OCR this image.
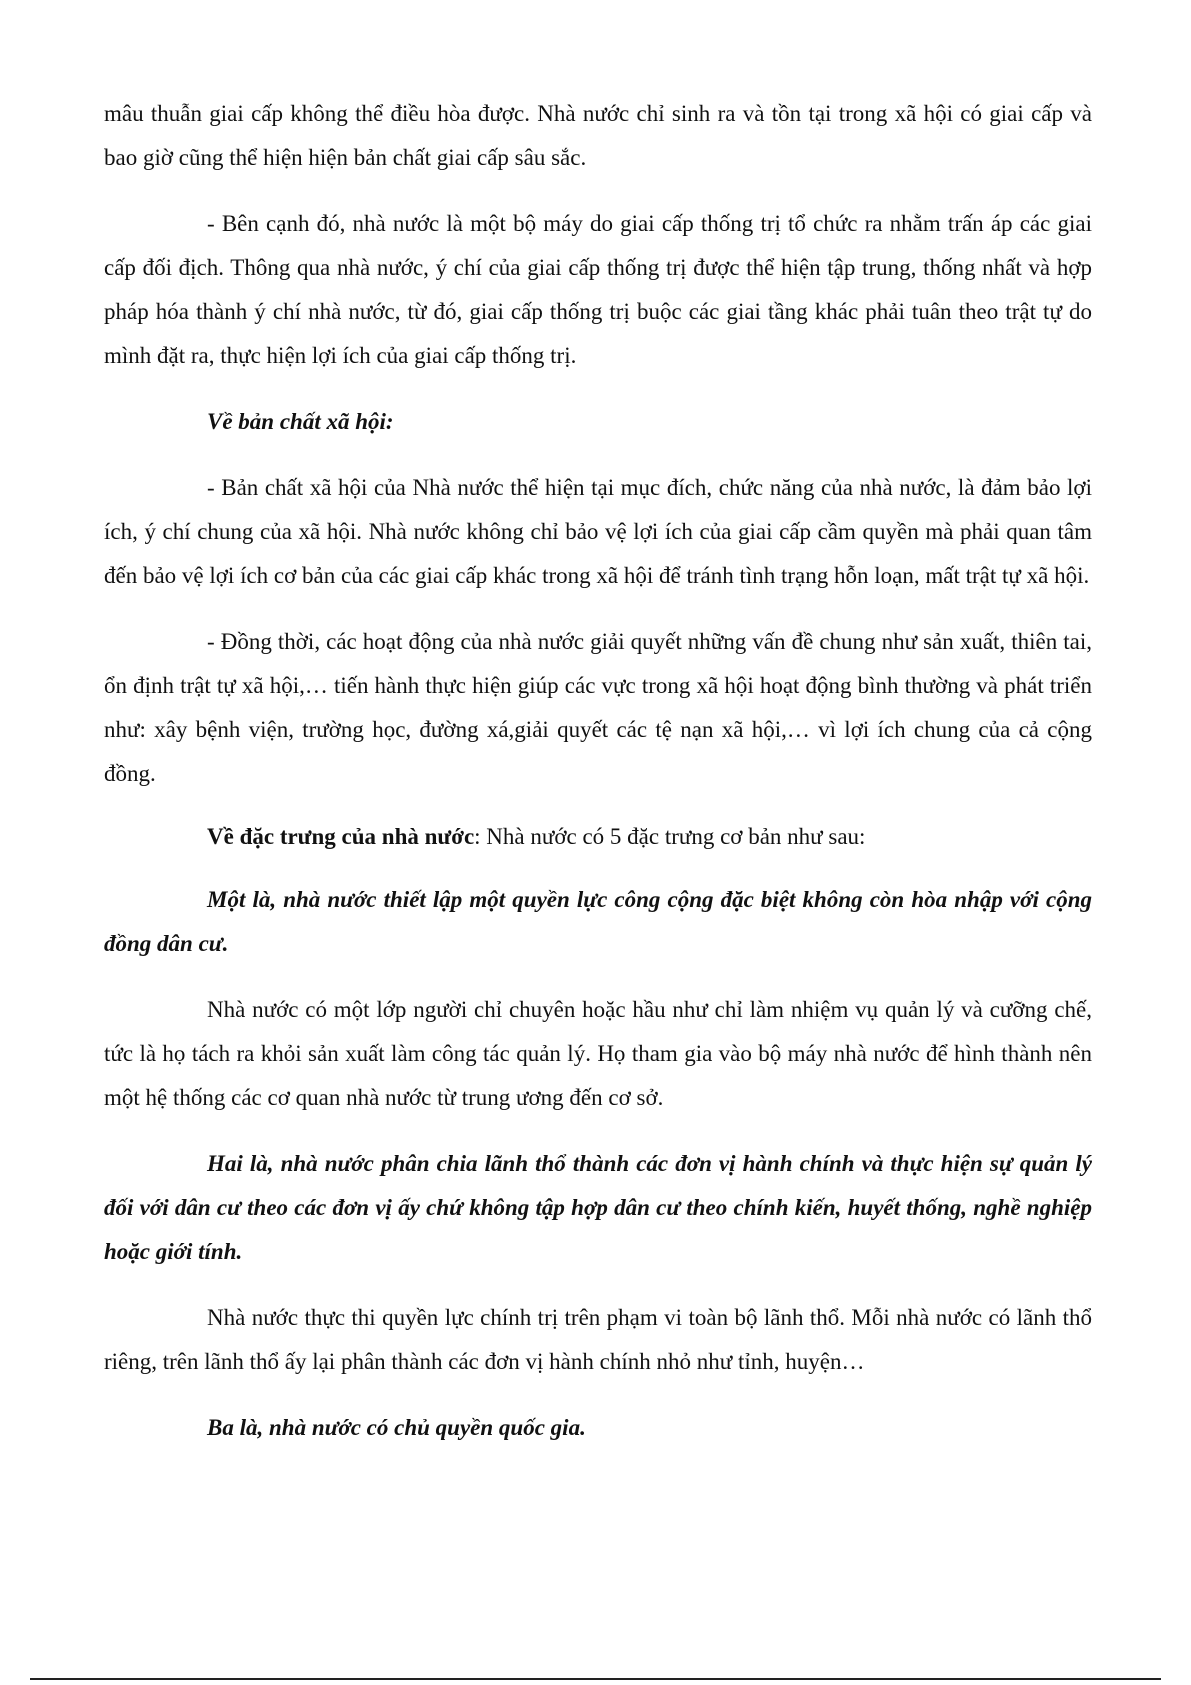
mâu thuẫn giai cấp không thể điều hòa được. Nhà nước chỉ sinh ra và tồn tại trong xã hội có giai cấp và bao giờ cũng thể hiện hiện bản chất giai cấp sâu sắc.

- Bên cạnh đó, nhà nước là một bộ máy do giai cấp thống trị tổ chức ra nhằm trấn áp các giai cấp đối địch. Thông qua nhà nước, ý chí của giai cấp thống trị được thể hiện tập trung, thống nhất và hợp pháp hóa thành ý chí nhà nước, từ đó, giai cấp thống trị buộc các giai tầng khác phải tuân theo trật tự do mình đặt ra, thực hiện lợi ích của giai cấp thống trị.

Về bản chất xã hội:

- Bản chất xã hội của Nhà nước thể hiện tại mục đích, chức năng của nhà nước, là đảm bảo lợi ích, ý chí chung của xã hội. Nhà nước không chỉ bảo vệ lợi ích của giai cấp cầm quyền mà phải quan tâm đến bảo vệ lợi ích cơ bản của các giai cấp khác trong xã hội để tránh tình trạng hỗn loạn, mất trật tự xã hội.

- Đồng thời, các hoạt động của nhà nước giải quyết những vấn đề chung như sản xuất, thiên tai, ổn định trật tự xã hội,… tiến hành thực hiện giúp các vực trong xã hội hoạt động bình thường và phát triển như: xây bệnh viện, trường học, đường xá,giải quyết các tệ nạn xã hội,… vì lợi ích chung của cả cộng đồng.

Về đặc trưng của nhà nước: Nhà nước có 5 đặc trưng cơ bản như sau:

Một là, nhà nước thiết lập một quyền lực công cộng đặc biệt không còn hòa nhập với cộng đồng dân cư.

Nhà nước có một lớp người chỉ chuyên hoặc hầu như chỉ làm nhiệm vụ quản lý và cưỡng chế, tức là họ tách ra khỏi sản xuất làm công tác quản lý. Họ tham gia vào bộ máy nhà nước để hình thành nên một hệ thống các cơ quan nhà nước từ trung ương đến cơ sở.

Hai là, nhà nước phân chia lãnh thổ thành các đơn vị hành chính và thực hiện sự quản lý đối với dân cư theo các đơn vị ấy chứ không tập hợp dân cư theo chính kiến, huyết thống, nghề nghiệp hoặc giới tính.

Nhà nước thực thi quyền lực chính trị trên phạm vi toàn bộ lãnh thổ. Mỗi nhà nước có lãnh thổ riêng, trên lãnh thổ ấy lại phân thành các đơn vị hành chính nhỏ như tỉnh, huyện…

Ba là, nhà nước có chủ quyền quốc gia.
